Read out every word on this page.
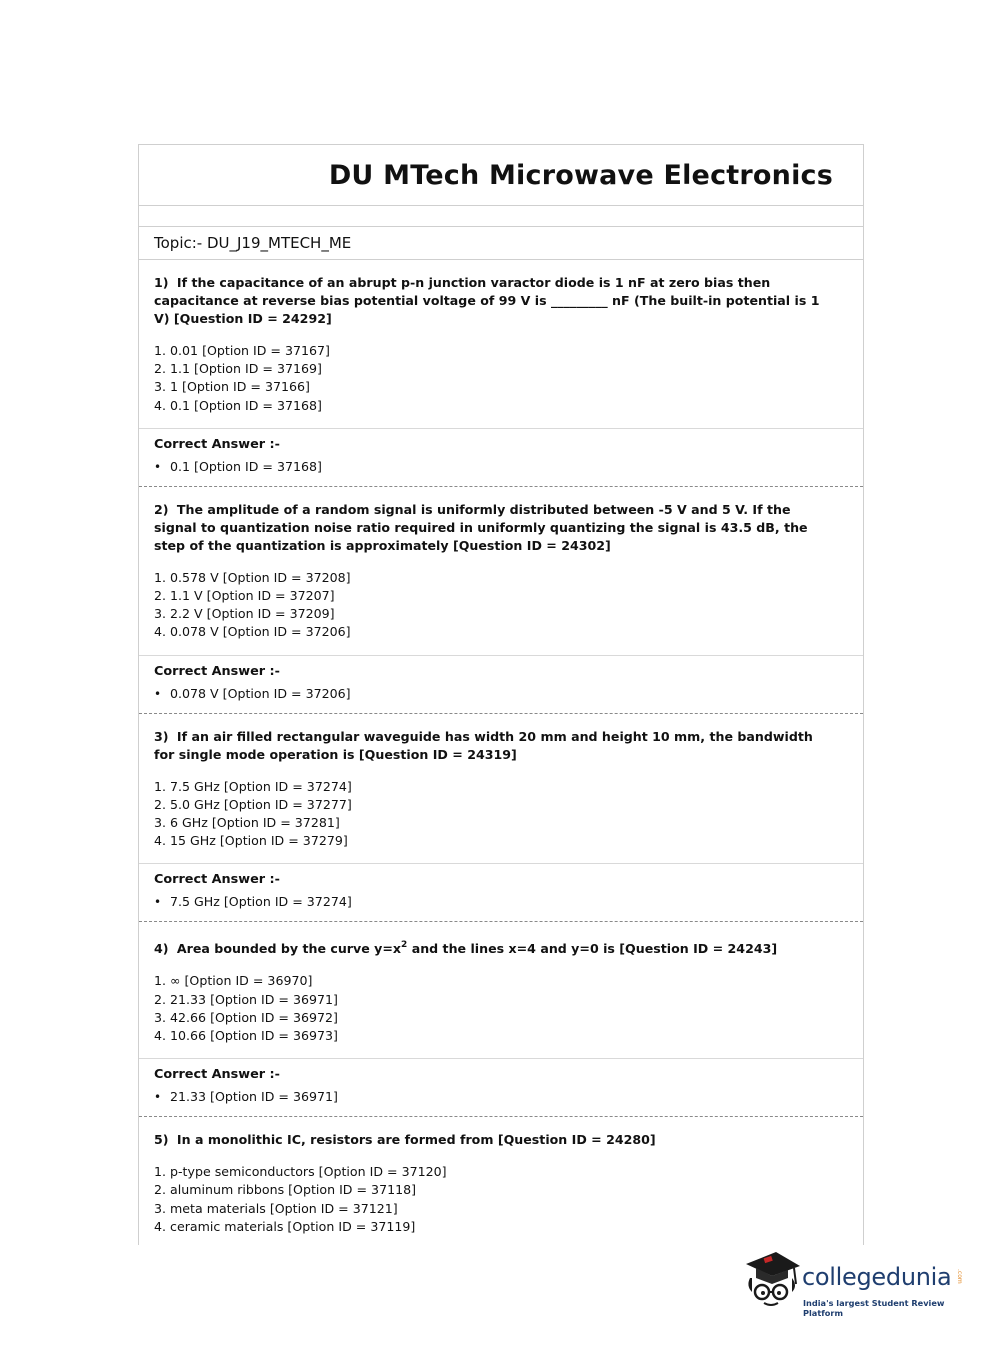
DU MTech Microwave Electronics
Topic:- DU_J19_MTECH_ME

1) If the capacitance of an abrupt p-n junction varactor diode is 1 nF at zero bias then capacitance at reverse bias potential voltage of 99 V is _________ nF (The built-in potential is 1 V) [Question ID = 24292]

1. 0.01 [Option ID = 37167]
2. 1.1 [Option ID = 37169]
3. 1 [Option ID = 37166]
4. 0.1 [Option ID = 37168]
Correct Answer :-
• 0.1 [Option ID = 37168]

2) The amplitude of a random signal is uniformly distributed between -5 V and 5 V. If the signal to quantization noise ratio required in uniformly quantizing the signal is 43.5 dB, the step of the quantization is approximately [Question ID = 24302]

1. 0.578 V [Option ID = 37208]
2. 1.1 V [Option ID = 37207]
3. 2.2 V [Option ID = 37209]
4. 0.078 V [Option ID = 37206]
Correct Answer :-
• 0.078 V [Option ID = 37206]

3) If an air filled rectangular waveguide has width 20 mm and height 10 mm, the bandwidth for single mode operation is [Question ID = 24319]

1. 7.5 GHz [Option ID = 37274]
2. 5.0 GHz [Option ID = 37277]
3. 6 GHz [Option ID = 37281]
4. 15 GHz [Option ID = 37279]
Correct Answer :-
• 7.5 GHz [Option ID = 37274]

4) Area bounded by the curve $y=x^2$ and the lines x=4 and y=0 is [Question ID = 24243]

1. ∞ [Option ID = 36970]
2. 21.33 [Option ID = 36971]
3. 42.66 [Option ID = 36972]
4. 10.66 [Option ID = 36973]
Correct Answer :-
• 21.33 [Option ID = 36971]

5) In a monolithic IC, resistors are formed from [Question ID = 24280]

1. p-type semiconductors [Option ID = 37120]
2. aluminum ribbons [Option ID = 37118]
3. meta materials [Option ID = 37121]
4. ceramic materials [Option ID = 37119]
collegedunia .com
India's largest Student Review Platform
